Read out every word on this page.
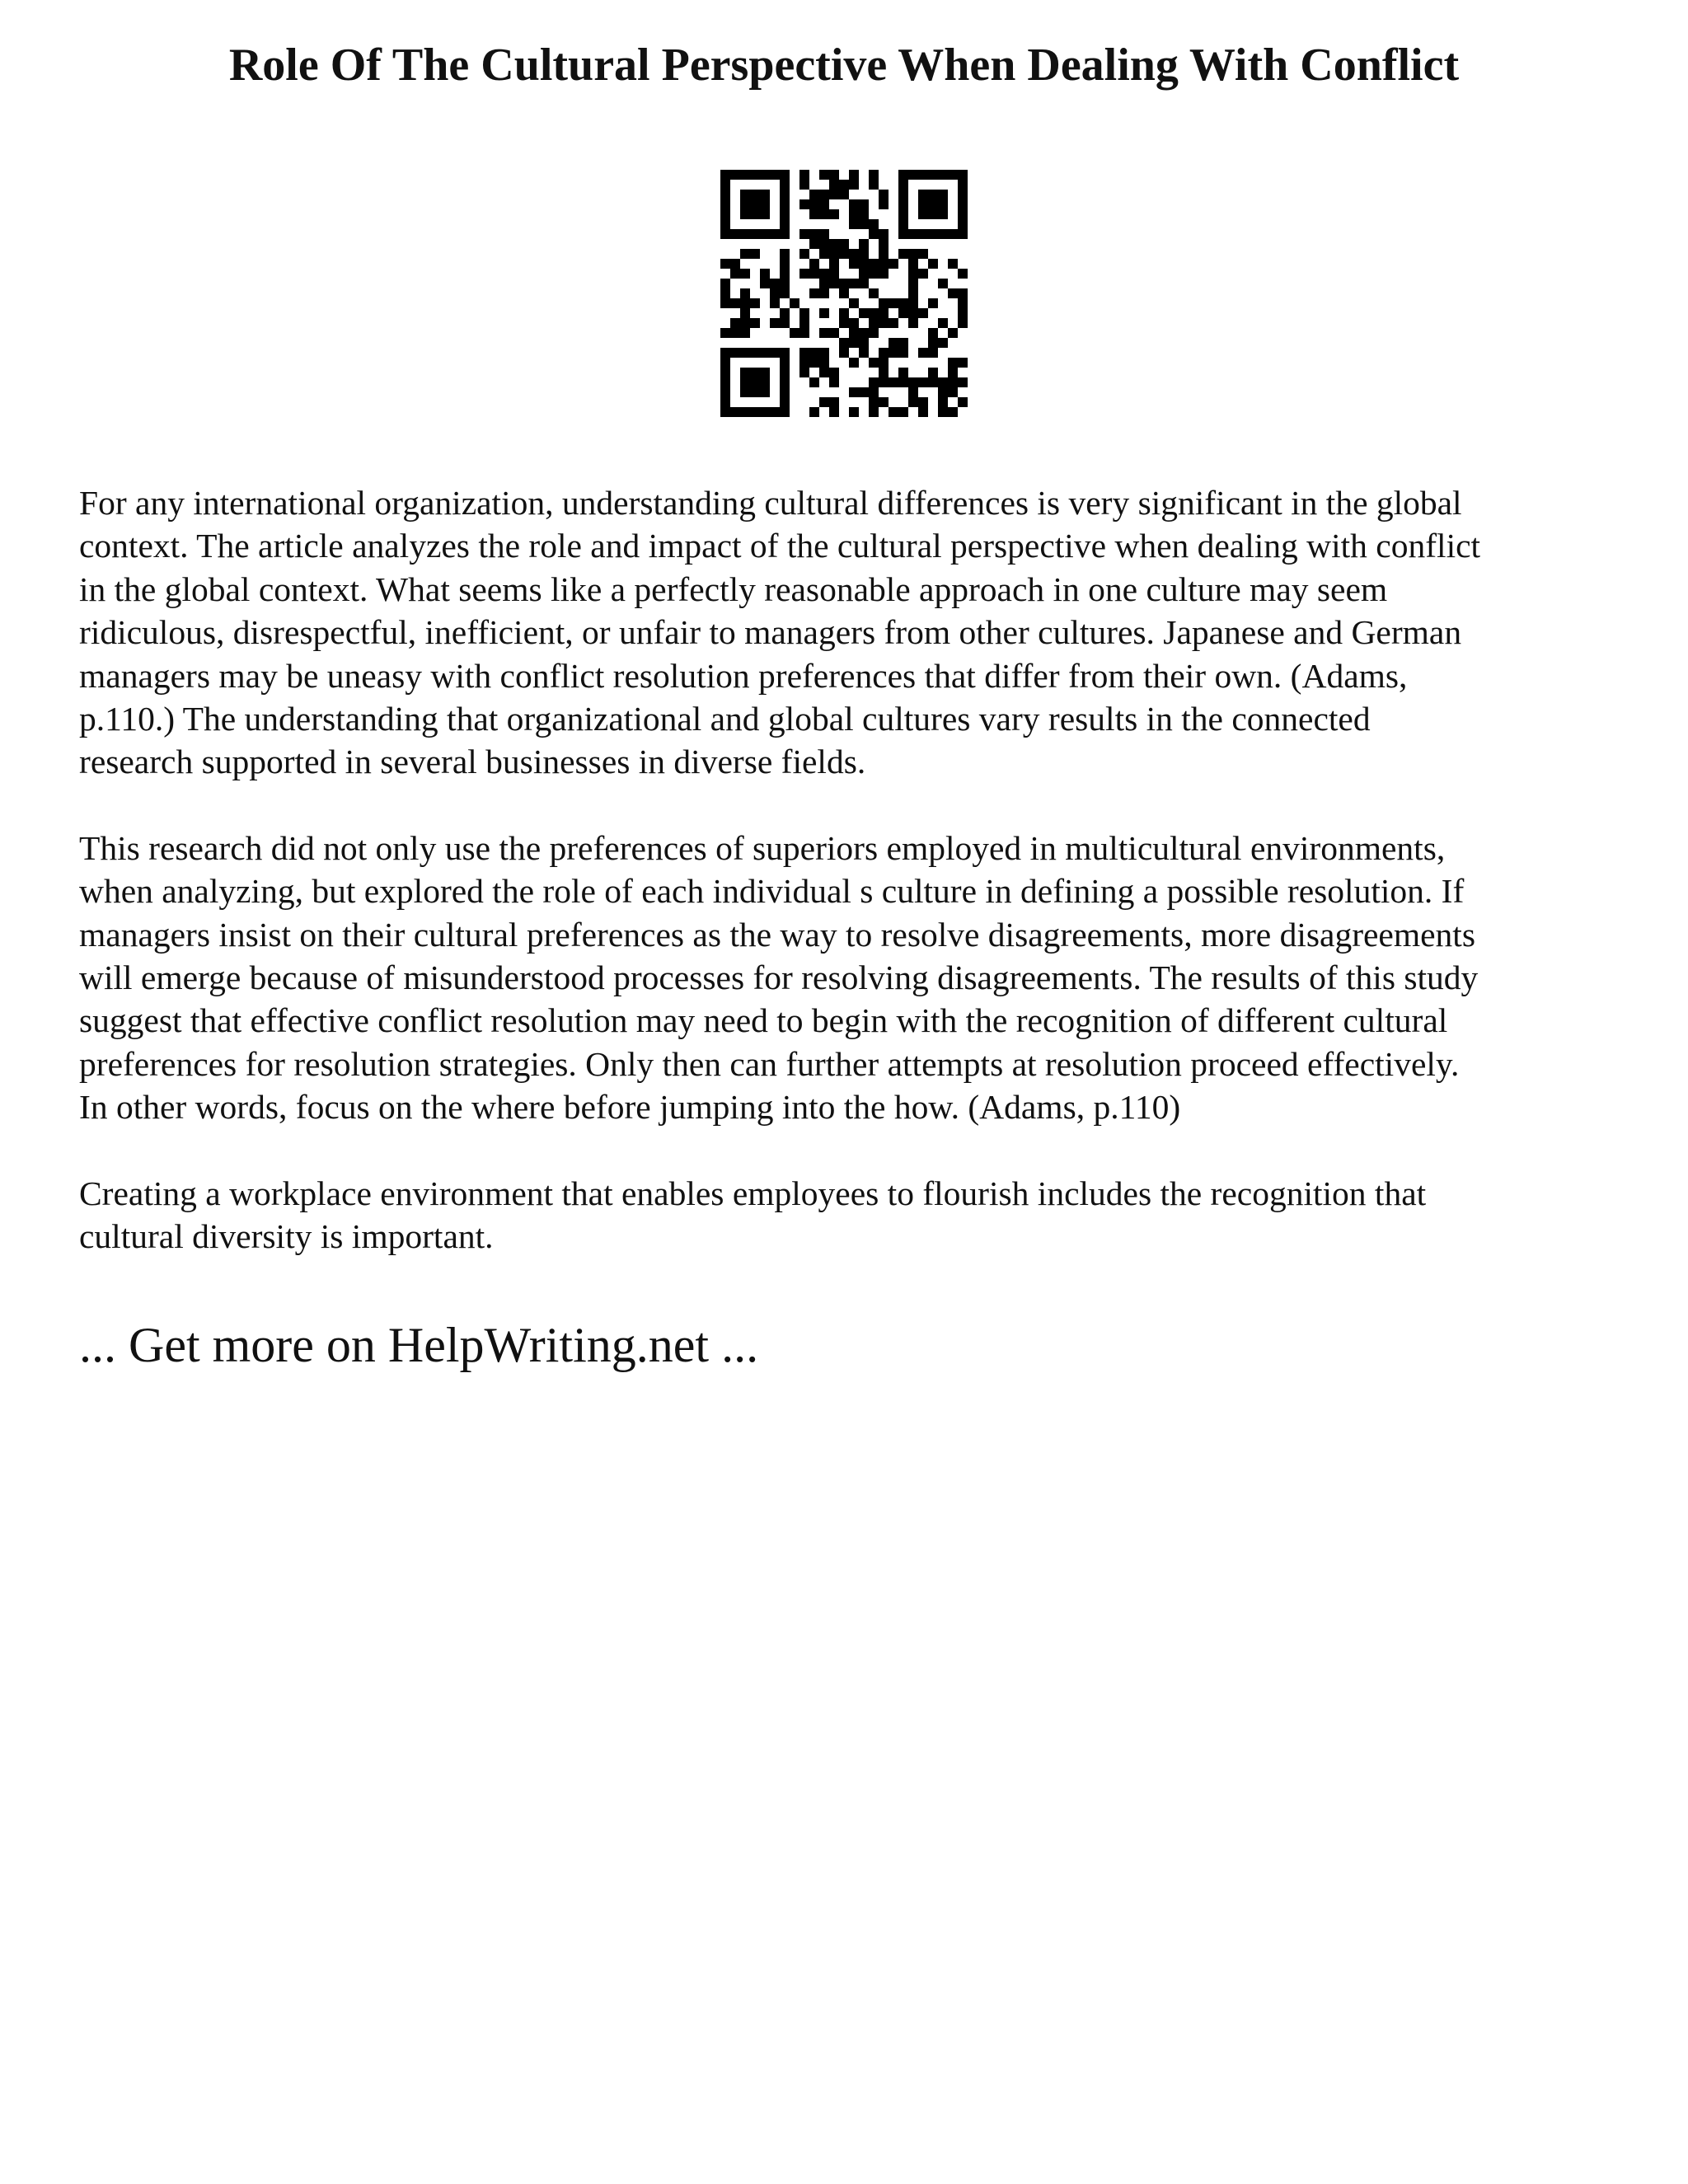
Role Of The Cultural Perspective When Dealing With Conflict

For any international organization, understanding cultural differences is very significant in the global
context. The article analyzes the role and impact of the cultural perspective when dealing with conflict
in the global context. What seems like a perfectly reasonable approach in one culture may seem
ridiculous, disrespectful, inefficient, or unfair to managers from other cultures. Japanese and German
managers may be uneasy with conflict resolution preferences that differ from their own. (Adams,
p.110.) The understanding that organizational and global cultures vary results in the connected
research supported in several businesses in diverse fields.

This research did not only use the preferences of superiors employed in multicultural environments,
when analyzing, but explored the role of each individual s culture in defining a possible resolution. If
managers insist on their cultural preferences as the way to resolve disagreements, more disagreements
will emerge because of misunderstood processes for resolving disagreements. The results of this study
suggest that effective conflict resolution may need to begin with the recognition of different cultural
preferences for resolution strategies. Only then can further attempts at resolution proceed effectively.
In other words, focus on the where before jumping into the how. (Adams, p.110)

Creating a workplace environment that enables employees to flourish includes the recognition that
cultural diversity is important.

... Get more on HelpWriting.net ...
